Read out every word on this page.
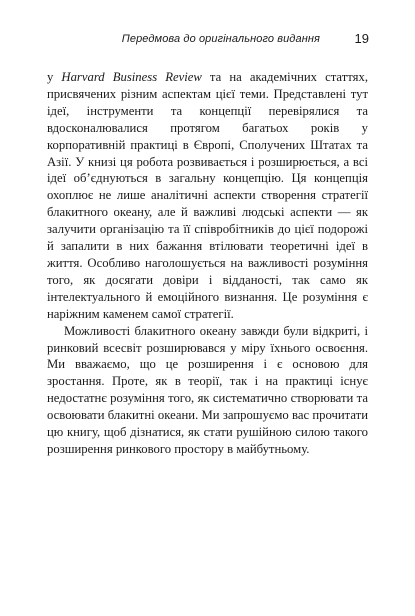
Передмова до оригінального видання	19

у Harvard Business Review та на академічних статтях, присвячених різним аспектам цієї теми. Представлені тут ідеї, інструменти та концепції перевірялися та вдосконалювалися протягом багатьох років у корпоративній практиці в Європі, Сполучених Штатах та Азії. У книзі ця робота розвивається і розширюється, а всі ідеї об’єднуються в загальну концепцію. Ця концепція охоплює не лише аналітичні аспекти створення стратегії блакитного океану, але й важливі людські аспекти — як залучити організацію та її співробітників до цієї подорожі й запалити в них бажання втілювати теоретичні ідеї в життя. Особливо наголошується на важливості розуміння того, як досягати довіри і відданості, так само як інтелектуального й емоційного визнання. Це розуміння є наріжним каменем самої стратегії.

Можливості блакитного океану завжди були відкриті, і ринковий всесвіт розширювався у міру їхнього освоєння. Ми вважаємо, що це розширення і є основою для зростання. Проте, як в теорії, так і на практиці існує недостатнє розуміння того, як систематично створювати та освоювати блакитні океани. Ми запрошуємо вас прочитати цю книгу, щоб дізнатися, як стати рушійною силою такого розширення ринкового простору в майбутньому.
